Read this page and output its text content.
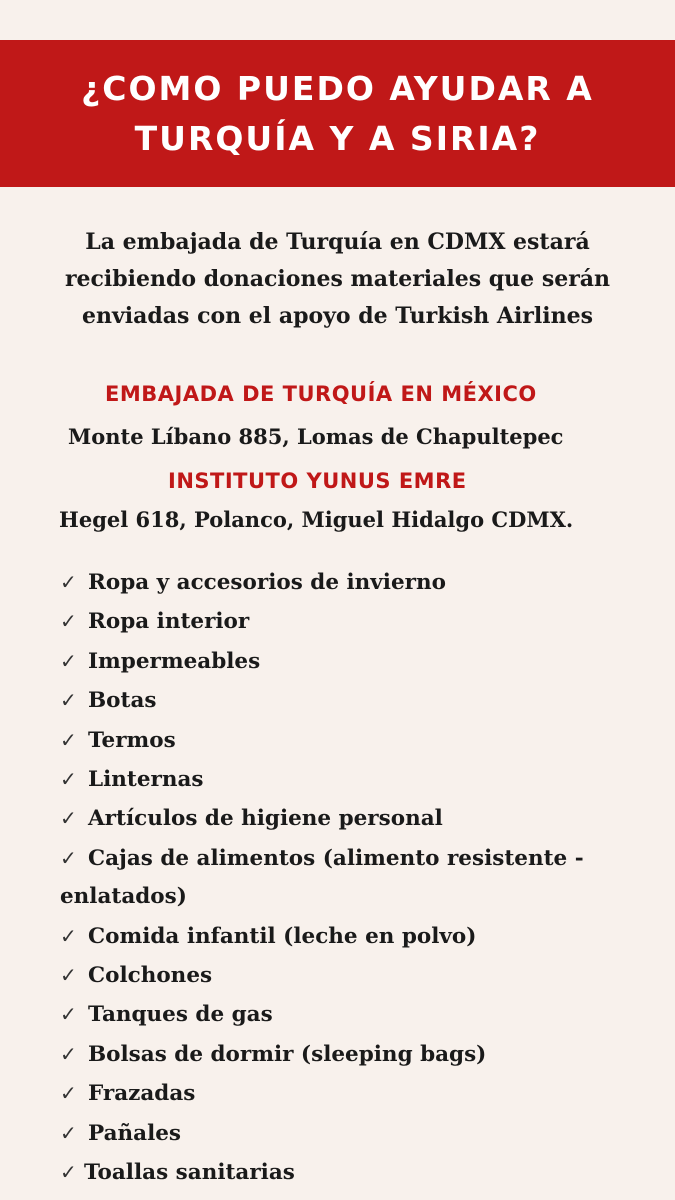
¿COMO PUEDO AYUDAR A
TURQUÍA Y A SIRIA?

La embajada de Turquía en CDMX estará
recibiendo donaciones materiales que serán
enviadas con el apoyo de Turkish Airlines

EMBAJADA DE TURQUÍA EN MÉXICO
Monte Líbano 885, Lomas de Chapultepec
INSTITUTO YUNUS EMRE
Hegel 618, Polanco, Miguel Hidalgo CDMX.
✓ Ropa y accesorios de invierno
✓ Ropa interior
✓ Impermeables
✓ Botas
✓ Termos
✓ Linternas
✓ Artículos de higiene personal
✓ Cajas de alimentos (alimento resistente -
enlatados)
✓ Comida infantil (leche en polvo)
✓ Colchones
✓ Tanques de gas
✓ Bolsas de dormir (sleeping bags)
✓ Frazadas
✓ Pañales
✓ Toallas sanitarias
